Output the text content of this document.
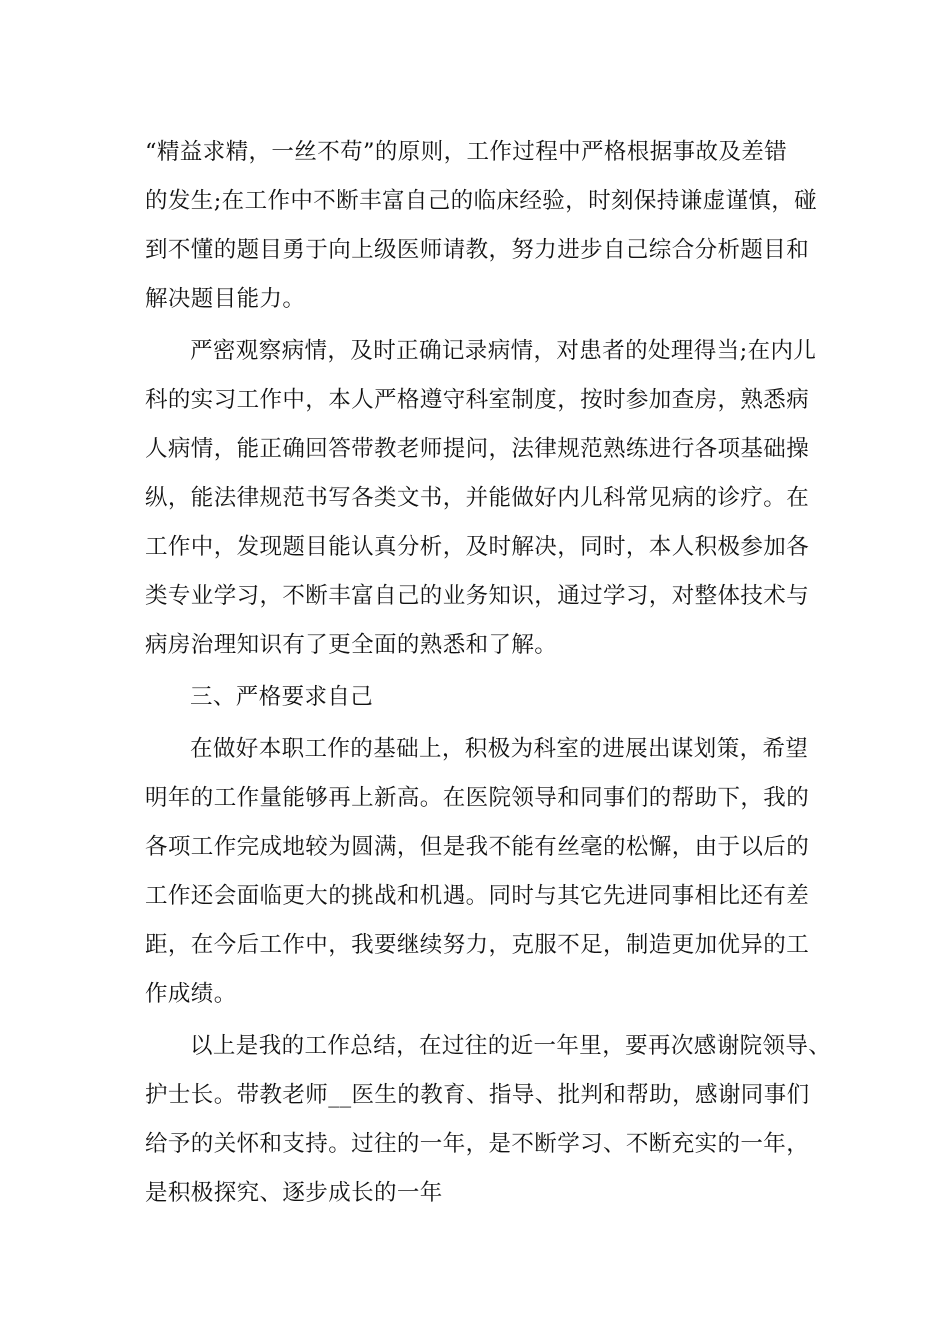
“精益求精，一丝不苟”的原则，工作过程中严格根据事故及差错
的发生;在工作中不断丰富自己的临床经验，时刻保持谦虚谨慎，碰
到不懂的题目勇于向上级医师请教，努力进步自己综合分析题目和
解决题目能力。
严密观察病情，及时正确记录病情，对患者的处理得当;在内儿
科的实习工作中，本人严格遵守科室制度，按时参加查房，熟悉病
人病情，能正确回答带教老师提问，法律规范熟练进行各项基础操
纵，能法律规范书写各类文书，并能做好内儿科常见病的诊疗。在
工作中，发现题目能认真分析，及时解决，同时，本人积极参加各
类专业学习，不断丰富自己的业务知识，通过学习，对整体技术与
病房治理知识有了更全面的熟悉和了解。
三、严格要求自己
在做好本职工作的基础上，积极为科室的进展出谋划策，希望
明年的工作量能够再上新高。在医院领导和同事们的帮助下，我的
各项工作完成地较为圆满，但是我不能有丝毫的松懈，由于以后的
工作还会面临更大的挑战和机遇。同时与其它先进同事相比还有差
距，在今后工作中，我要继续努力，克服不足，制造更加优异的工
作成绩。
以上是我的工作总结，在过往的近一年里，要再次感谢院领导、
护士长。带教老师__医生的教育、指导、批判和帮助，感谢同事们
给予的关怀和支持。过往的一年，是不断学习、不断充实的一年，
是积极探究、逐步成长的一年
